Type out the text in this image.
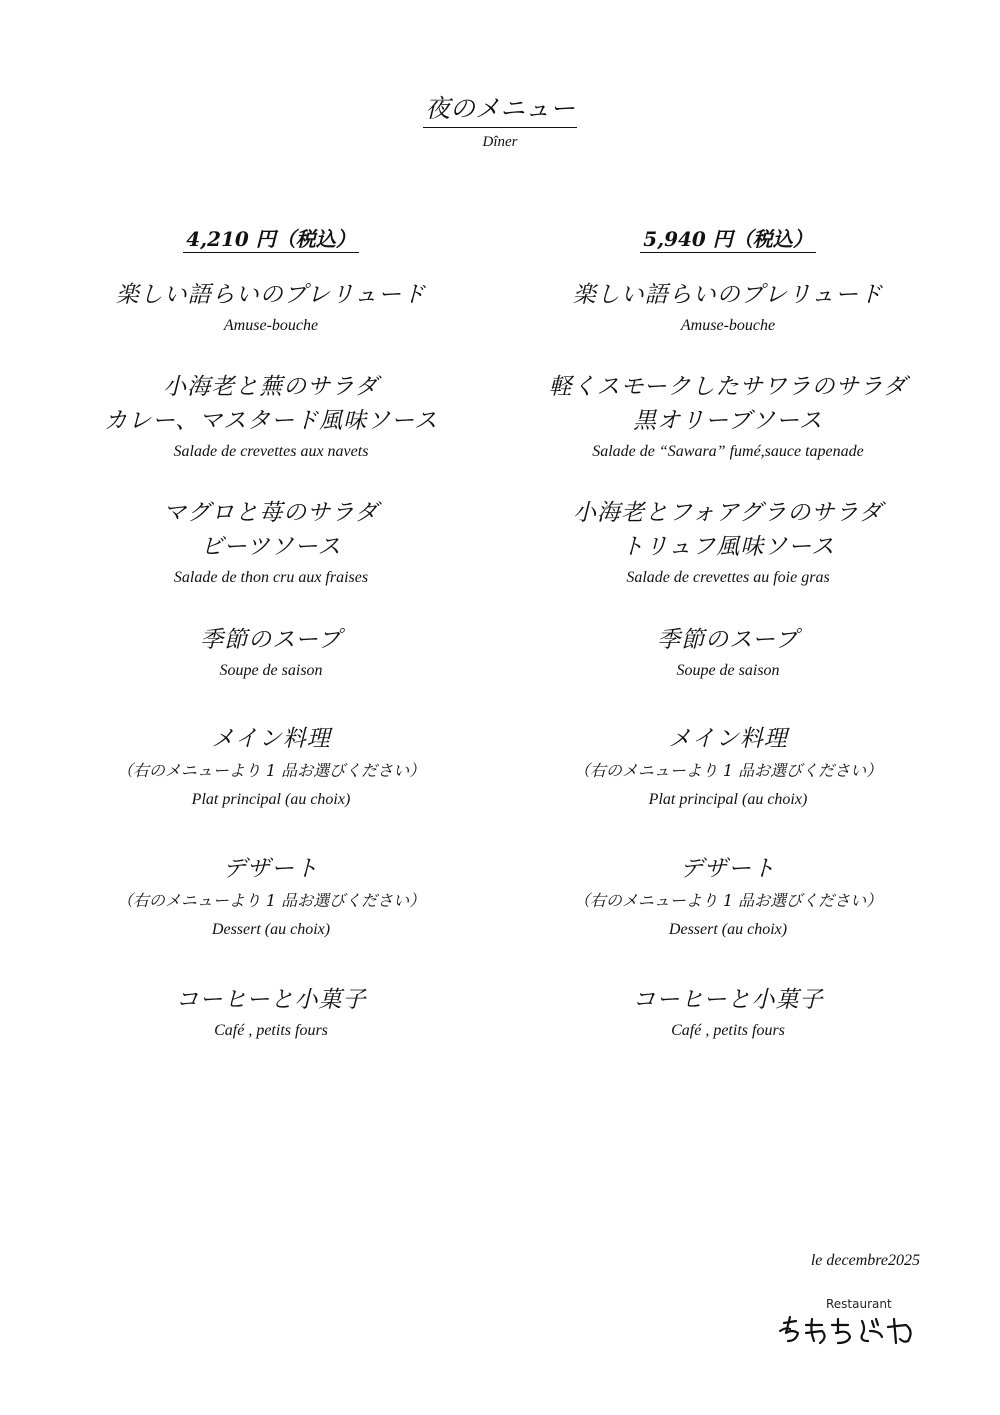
夜のメニュー
Dîner
4,210 円（税込）
楽しい語らいのプレリュード
Amuse-bouche
小海老と蕪のサラダ
カレー、マスタード風味ソース
Salade de crevettes aux navets
マグロと苺のサラダ
ビーツソース
Salade de thon cru aux fraises
季節のスープ
Soupe de saison
メイン料理
（右のメニューより 1 品お選びください）
Plat principal (au choix)
デザート
（右のメニューより 1 品お選びください）
Dessert (au choix)
コーヒーと小菓子
Café , petits fours
5,940 円（税込）
楽しい語らいのプレリュード
Amuse-bouche
軽くスモークしたサワラのサラダ
黒オリーブソース
Salade de “Sawara” fumé,sauce tapenade
小海老とフォアグラのサラダ
トリュフ風味ソース
Salade de crevettes au foie gras
季節のスープ
Soupe de saison
メイン料理
（右のメニューより 1 品お選びください）
Plat principal (au choix)
デザート
（右のメニューより 1 品お選びください）
Dessert (au choix)
コーヒーと小菓子
Café , petits fours
le decembre2025
Restaurant
